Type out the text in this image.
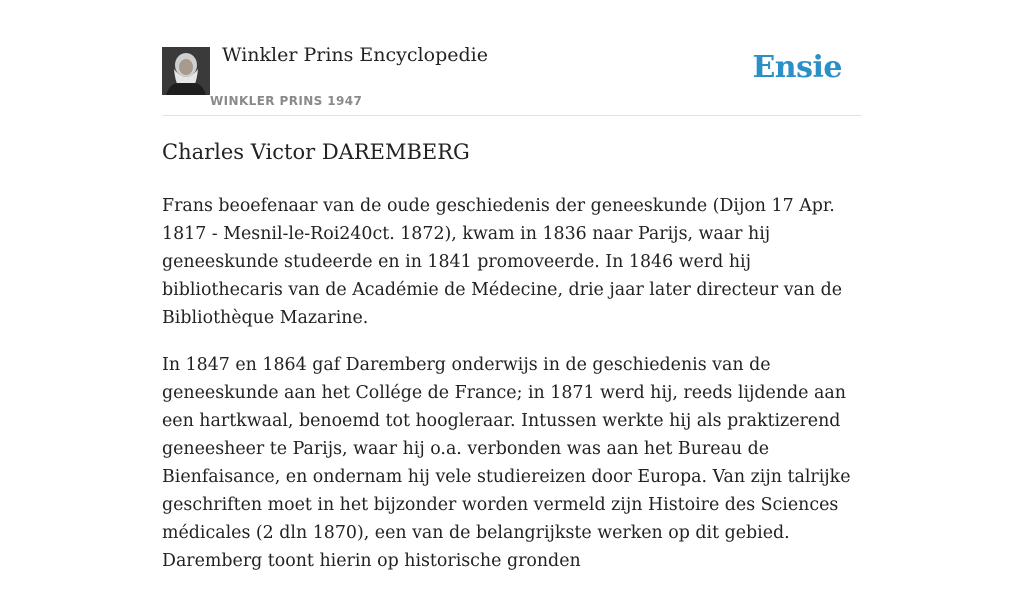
Winkler Prins Encyclopedie
WINKLER PRINS 1947
Ensie
Charles Victor DAREMBERG

Frans beoefenaar van de oude geschiedenis der geneeskunde (Dijon 17 Apr. 1817 - Mesnil-le-Roi240ct. 1872), kwam in 1836 naar Parijs, waar hij geneeskunde studeerde en in 1841 promoveerde. In 1846 werd hij bibliothecaris van de Académie de Médecine, drie jaar later directeur van de Bibliothèque Mazarine.

In 1847 en 1864 gaf Daremberg onderwijs in de geschiedenis van de geneeskunde aan het Collége de France; in 1871 werd hij, reeds lijdende aan een hartkwaal, benoemd tot hoogleraar. Intussen werkte hij als praktizerend geneesheer te Parijs, waar hij o.a. verbonden was aan het Bureau de Bienfaisance, en ondernam hij vele studiereizen door Europa. Van zijn talrijke geschriften moet in het bijzonder worden vermeld zijn Histoire des Sciences médicales (2 dln 1870), een van de belangrijkste werken op dit gebied. Daremberg toont hierin op historische gronden
